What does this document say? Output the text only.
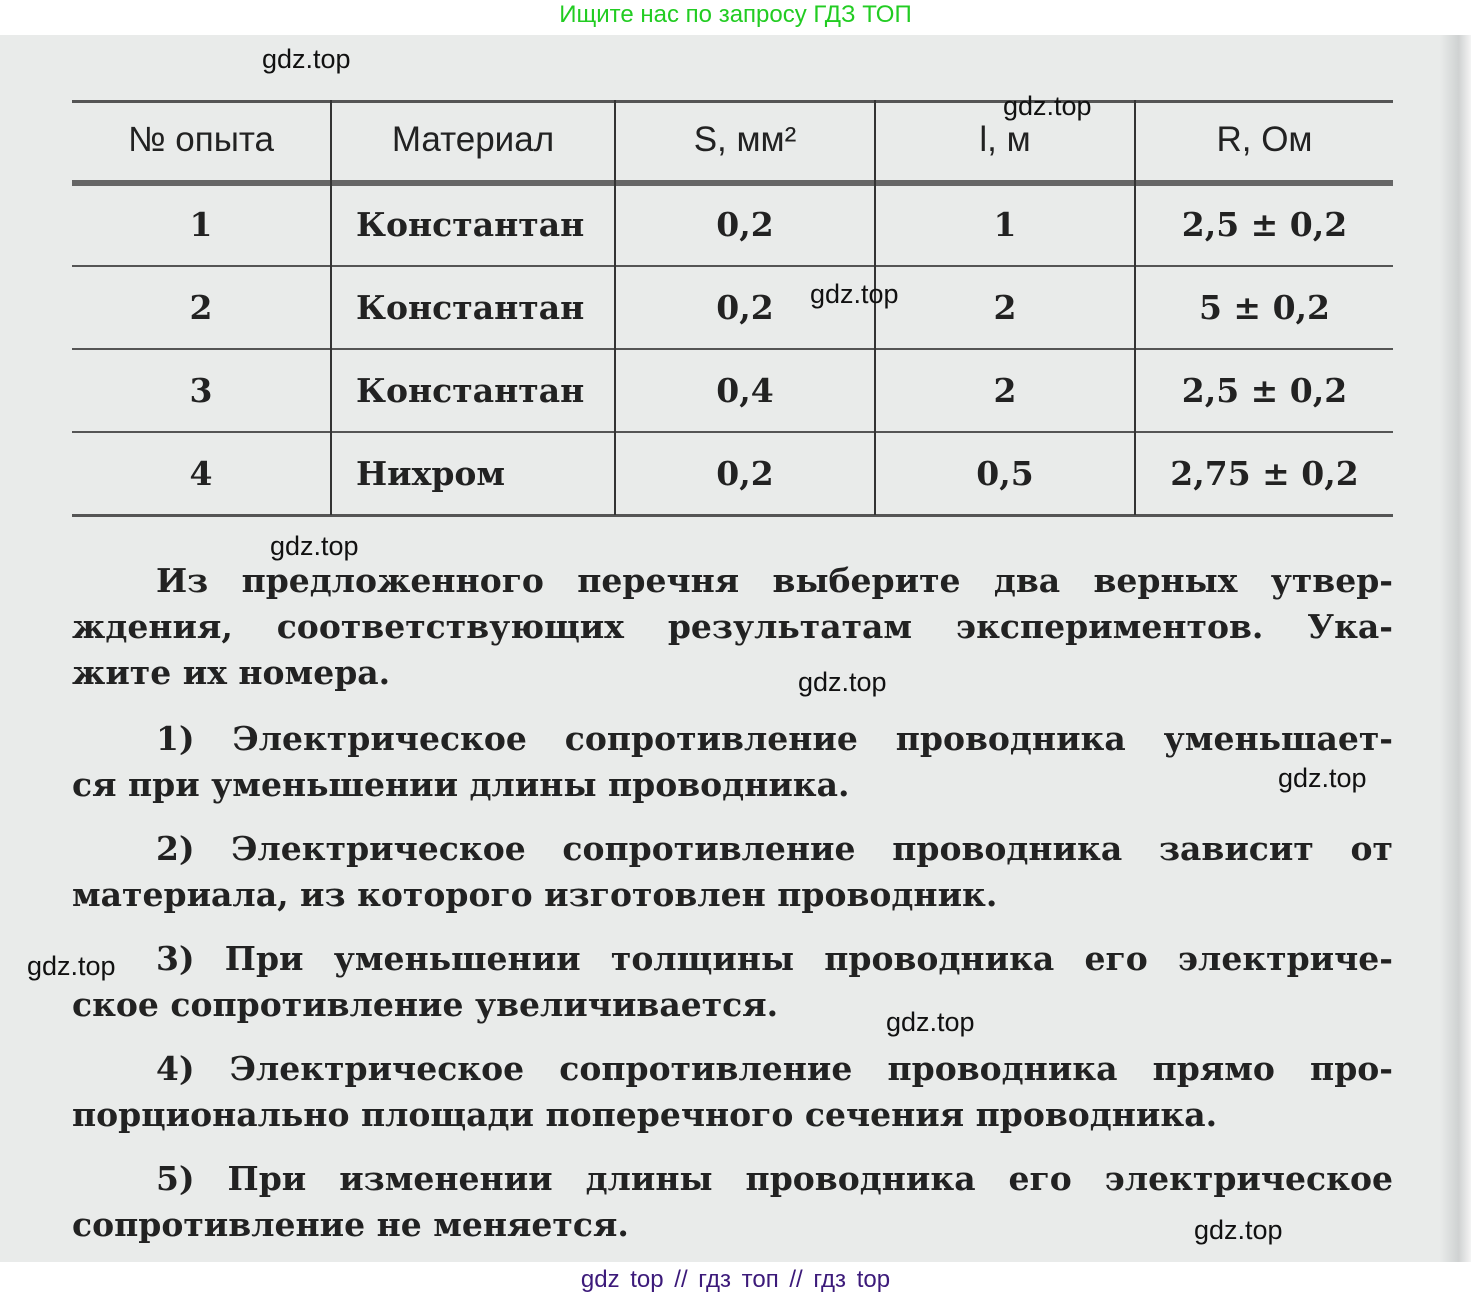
Ищите нас по запросу ГДЗ ТОП
№ опыта	Материал	S, мм²	l, м	R, Ом
1	Константан	0,2	1	2,5 ± 0,2
2	Константан	0,2	2	5 ± 0,2
3	Константан	0,4	2	2,5 ± 0,2
4	Нихром	0,2	0,5	2,75 ± 0,2
Из предложенного перечня выберите два верных утвер-
ждения, соответствующих результатам экспериментов. Ука-
жите их номера.
1) Электрическое сопротивление проводника уменьшает-
ся при уменьшении длины проводника.
2) Электрическое сопротивление проводника зависит от
материала, из которого изготовлен проводник.
3) При уменьшении толщины проводника его электриче-
ское сопротивление увеличивается.
4) Электрическое сопротивление проводника прямо про-
порционально площади поперечного сечения проводника.
5) При изменении длины проводника его электрическое
сопротивление не меняется.
gdz.top
gdz.top
gdz.top
gdz.top
gdz.top
gdz.top
gdz.top
gdz.top
gdz.top
gdz top // гдз топ // гдз top
